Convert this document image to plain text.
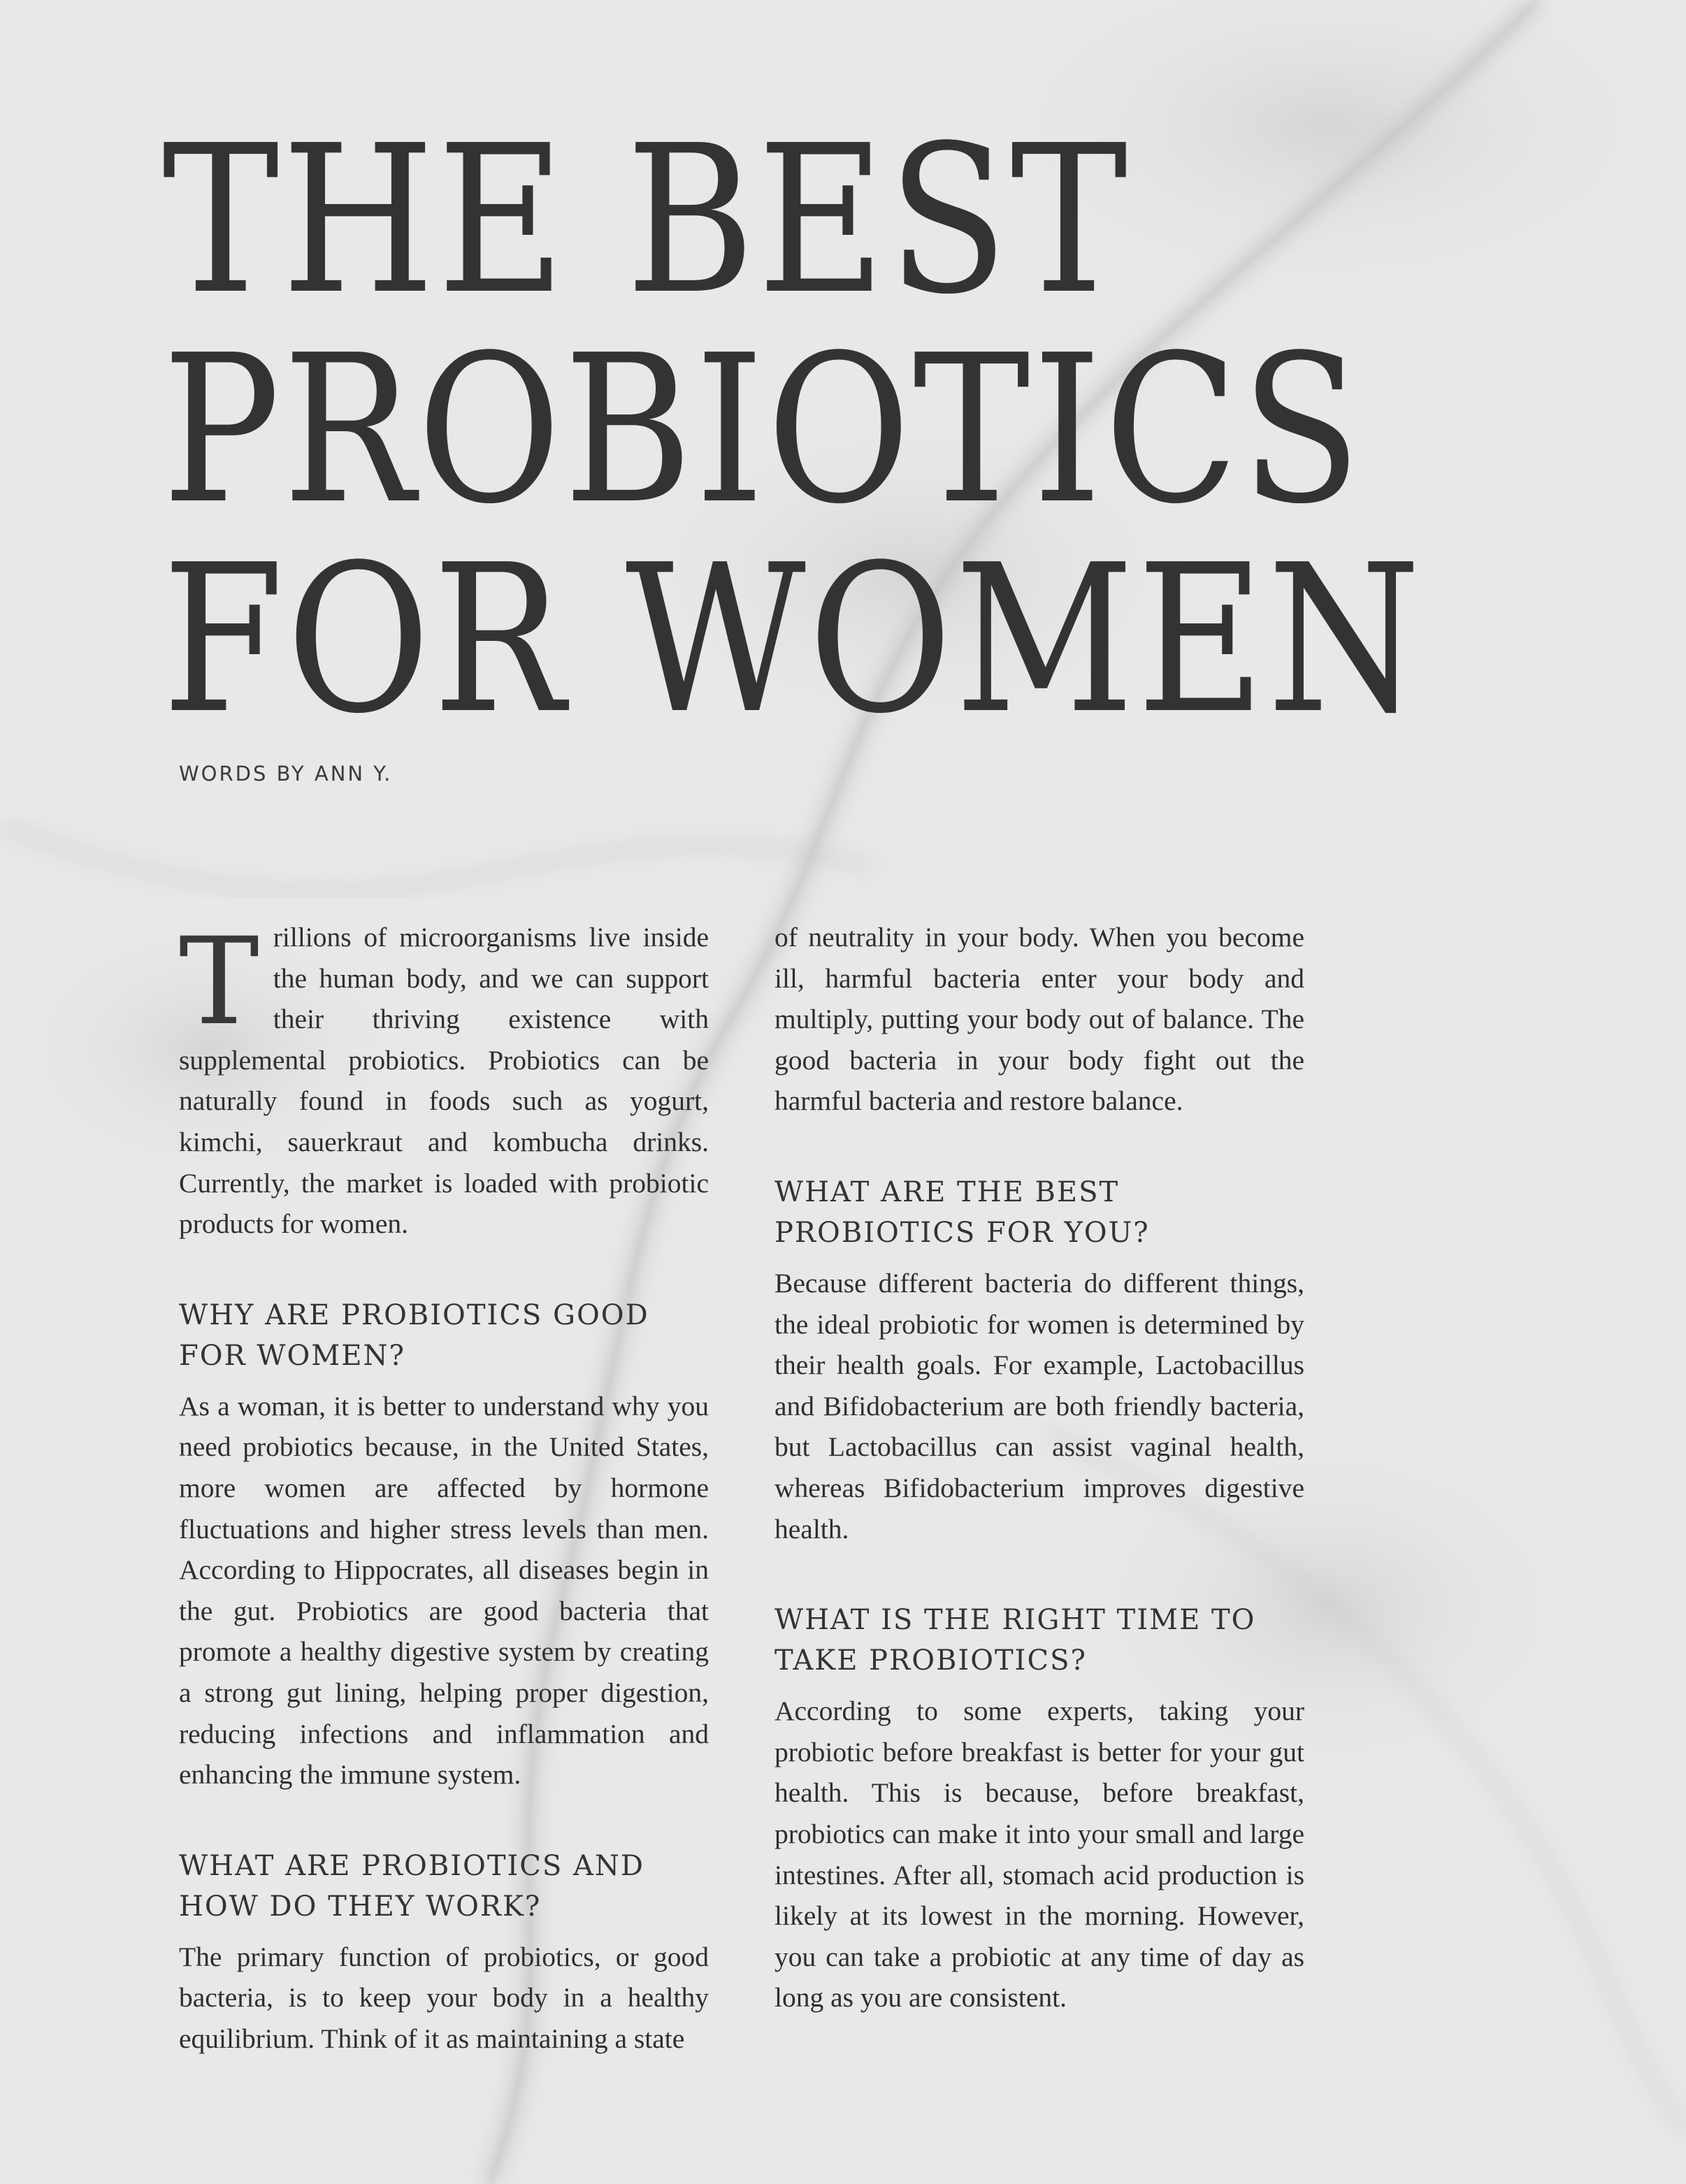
THE BEST
PROBIOTICS
FOR WOMEN
WORDS BY ANN Y.

Trillions of microorganisms live inside the human body, and we can support their thriving existence with supplemental probiotics. Probiotics can be naturally found in foods such as yogurt, kimchi, sauerkraut and kombucha drinks. Currently, the market is loaded with probiotic products for women.

WHY ARE PROBIOTICS GOOD FOR WOMEN?

As a woman, it is better to understand why you need probiotics because, in the United States, more women are affected by hormone fluctuations and higher stress levels than men. According to Hippocrates, all diseases begin in the gut. Probiotics are good bacteria that promote a healthy digestive system by creating a strong gut lining, helping proper digestion, reducing infections and inflammation and enhancing the immune system.

WHAT ARE PROBIOTICS AND HOW DO THEY WORK?

The primary function of probiotics, or good bacteria, is to keep your body in a healthy equilibrium. Think of it as maintaining a state

of neutrality in your body. When you become ill, harmful bacteria enter your body and multiply, putting your body out of balance. The good bacteria in your body fight out the harmful bacteria and restore balance.

WHAT ARE THE BEST PROBIOTICS FOR YOU?

Because different bacteria do different things, the ideal probiotic for women is determined by their health goals. For example, Lactobacillus and Bifidobacterium are both friendly bacteria, but Lactobacillus can assist vaginal health, whereas Bifidobacterium improves digestive health.

WHAT IS THE RIGHT TIME TO TAKE PROBIOTICS?

According to some experts, taking your probiotic before breakfast is better for your gut health. This is because, before breakfast, probiotics can make it into your small and large intestines. After all, stomach acid production is likely at its lowest in the morning. However, you can take a probiotic at any time of day as long as you are consistent.
